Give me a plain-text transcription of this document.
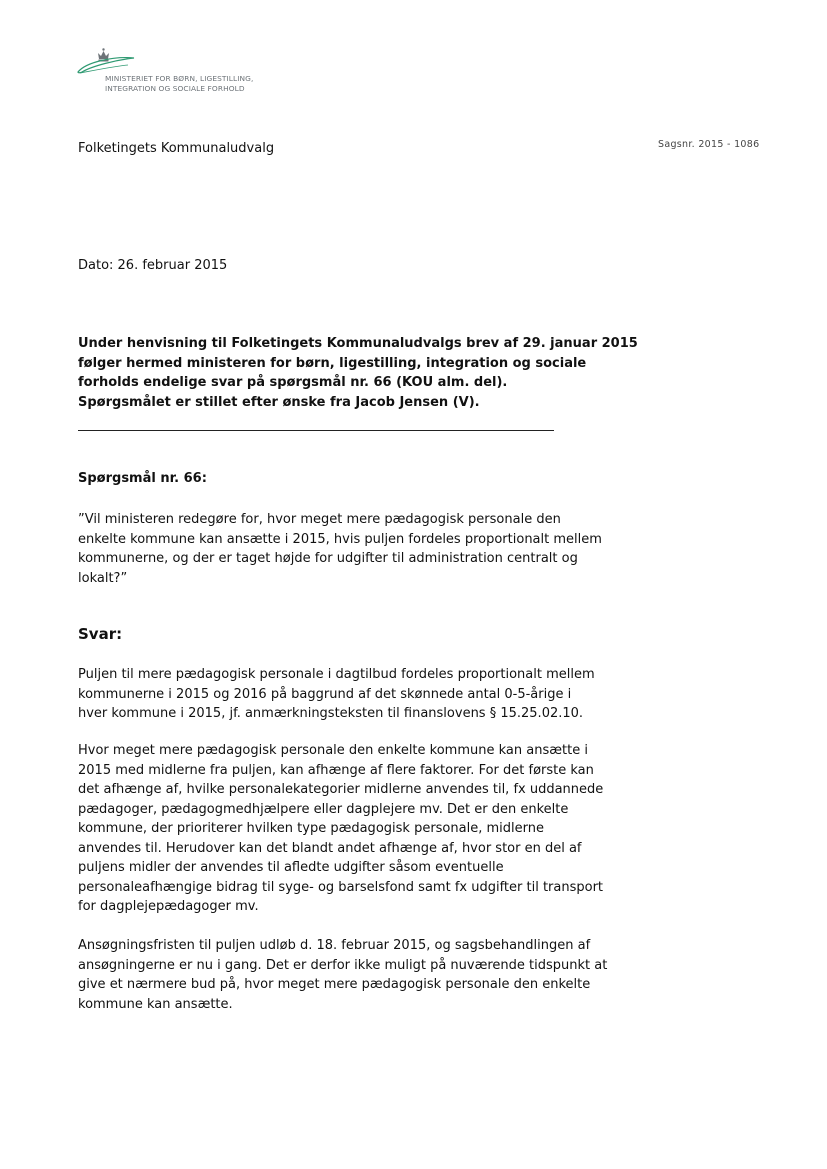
MINISTERIET FOR BØRN, LIGESTILLING,
INTEGRATION OG SOCIALE FORHOLD
Folketingets Kommunaludvalg	Sagsnr. 2015 - 1086
Dato: 26. februar 2015
Under henvisning til Folketingets Kommunaludvalgs brev af 29. januar 2015
følger hermed ministeren for børn, ligestilling, integration og sociale
forholds endelige svar på spørgsmål nr. 66 (KOU alm. del).
Spørgsmålet er stillet efter ønske fra Jacob Jensen (V).
Spørgsmål nr. 66:
”Vil ministeren redegøre for, hvor meget mere pædagogisk personale den
enkelte kommune kan ansætte i 2015, hvis puljen fordeles proportionalt mellem
kommunerne, og der er taget højde for udgifter til administration centralt og
lokalt?”
Svar:
Puljen til mere pædagogisk personale i dagtilbud fordeles proportionalt mellem
kommunerne i 2015 og 2016 på baggrund af det skønnede antal 0-5-årige i
hver kommune i 2015, jf. anmærkningsteksten til finanslovens § 15.25.02.10.
Hvor meget mere pædagogisk personale den enkelte kommune kan ansætte i
2015 med midlerne fra puljen, kan afhænge af flere faktorer. For det første kan
det afhænge af, hvilke personalekategorier midlerne anvendes til, fx uddannede
pædagoger, pædagogmedhjælpere eller dagplejere mv. Det er den enkelte
kommune, der prioriterer hvilken type pædagogisk personale, midlerne
anvendes til. Herudover kan det blandt andet afhænge af, hvor stor en del af
puljens midler der anvendes til afledte udgifter såsom eventuelle
personaleafhængige bidrag til syge- og barselsfond samt fx udgifter til transport
for dagplejepædagoger mv.
Ansøgningsfristen til puljen udløb d. 18. februar 2015, og sagsbehandlingen af
ansøgningerne er nu i gang. Det er derfor ikke muligt på nuværende tidspunkt at
give et nærmere bud på, hvor meget mere pædagogisk personale den enkelte
kommune kan ansætte.
